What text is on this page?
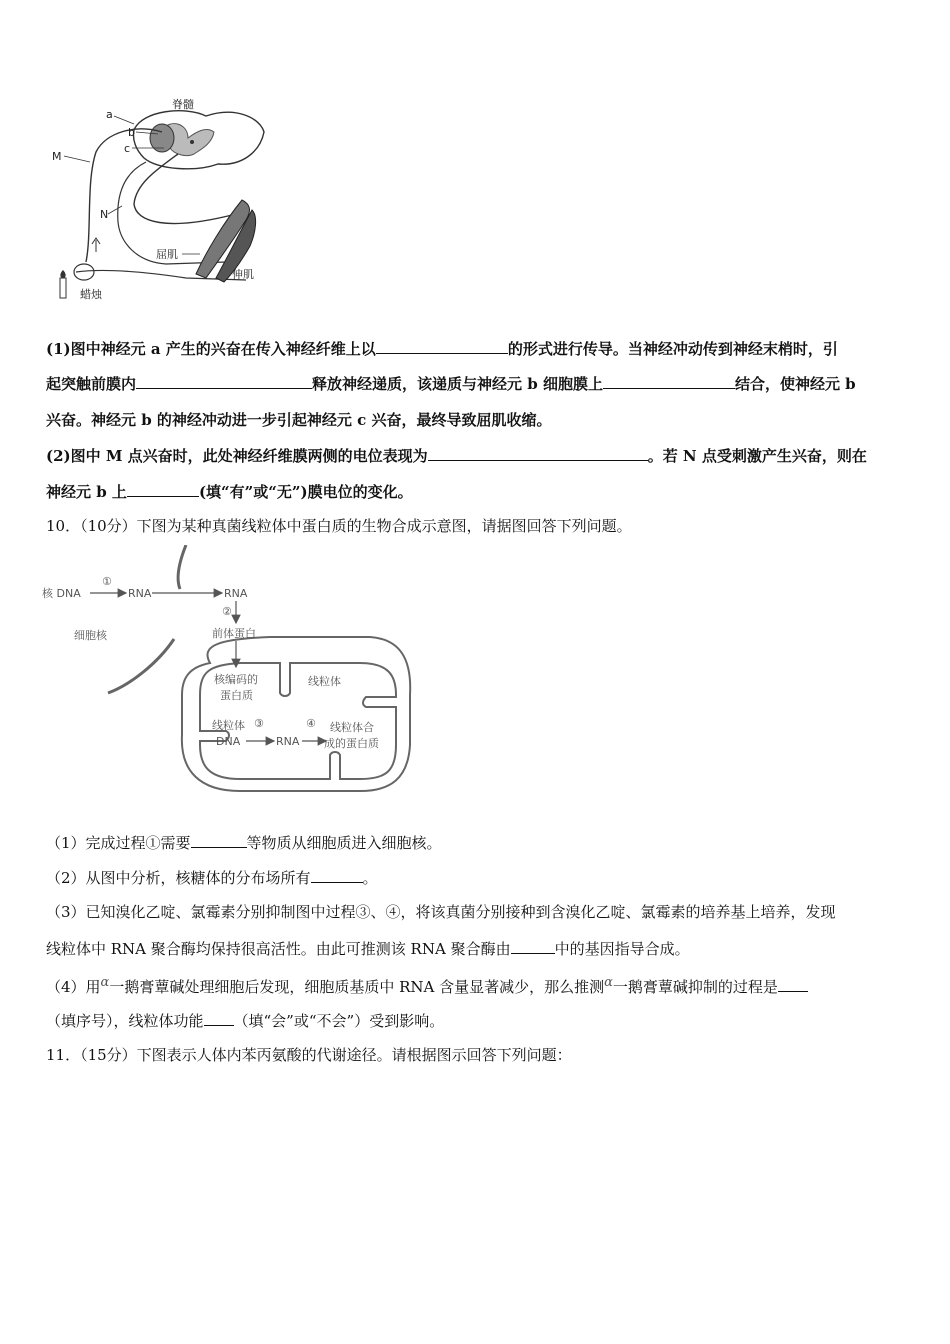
脊髓
a
b
c
M
N
屈肌
伸肌
蜡烛
(1)图中神经元 a 产生的兴奋在传入神经纤维上以	的形式进行传导。当神经冲动传到神经末梢时，引
起突触前膜内	释放神经递质，该递质与神经元 b 细胞膜上	结合，使神经元 b
兴奋。神经元 b 的神经冲动进一步引起神经元 c 兴奋，最终导致屈肌收缩。
(2)图中 M 点兴奋时，此处神经纤维膜两侧的电位表现为	。若 N 点受刺激产生兴奋，则在
神经元 b 上	(填“有”或“无”)膜电位的变化。
10．（10分）下图为某种真菌线粒体中蛋白质的生物合成示意图，请据图回答下列问题。
核 DNA
①
RNA	RNA
②
前体蛋白
细胞核
核编码的
蛋白质
线粒体
线粒体
DNA
③
RNA
④ 线粒体合
成的蛋白质
（1）完成过程①需要	等物质从细胞质进入细胞核。
（2）从图中分析，核糖体的分布场所有	。
（3）已知溴化乙啶、氯霉素分别抑制图中过程③、④，将该真菌分别接种到含溴化乙啶、氯霉素的培养基上培养，发现
线粒体中 RNA 聚合酶均保持很高活性。由此可推测该 RNA 聚合酶由	中的基因指导合成。
（4）用α一鹅膏蕈碱处理细胞后发现，细胞质基质中 RNA 含量显著减少，那么推测α一鹅膏蕈碱抑制的过程是
（填序号），线粒体功能 （填“会”或“不会”）受到影响。
11．（15分）下图表示人体内苯丙氨酸的代谢途径。请根据图示回答下列问题：
